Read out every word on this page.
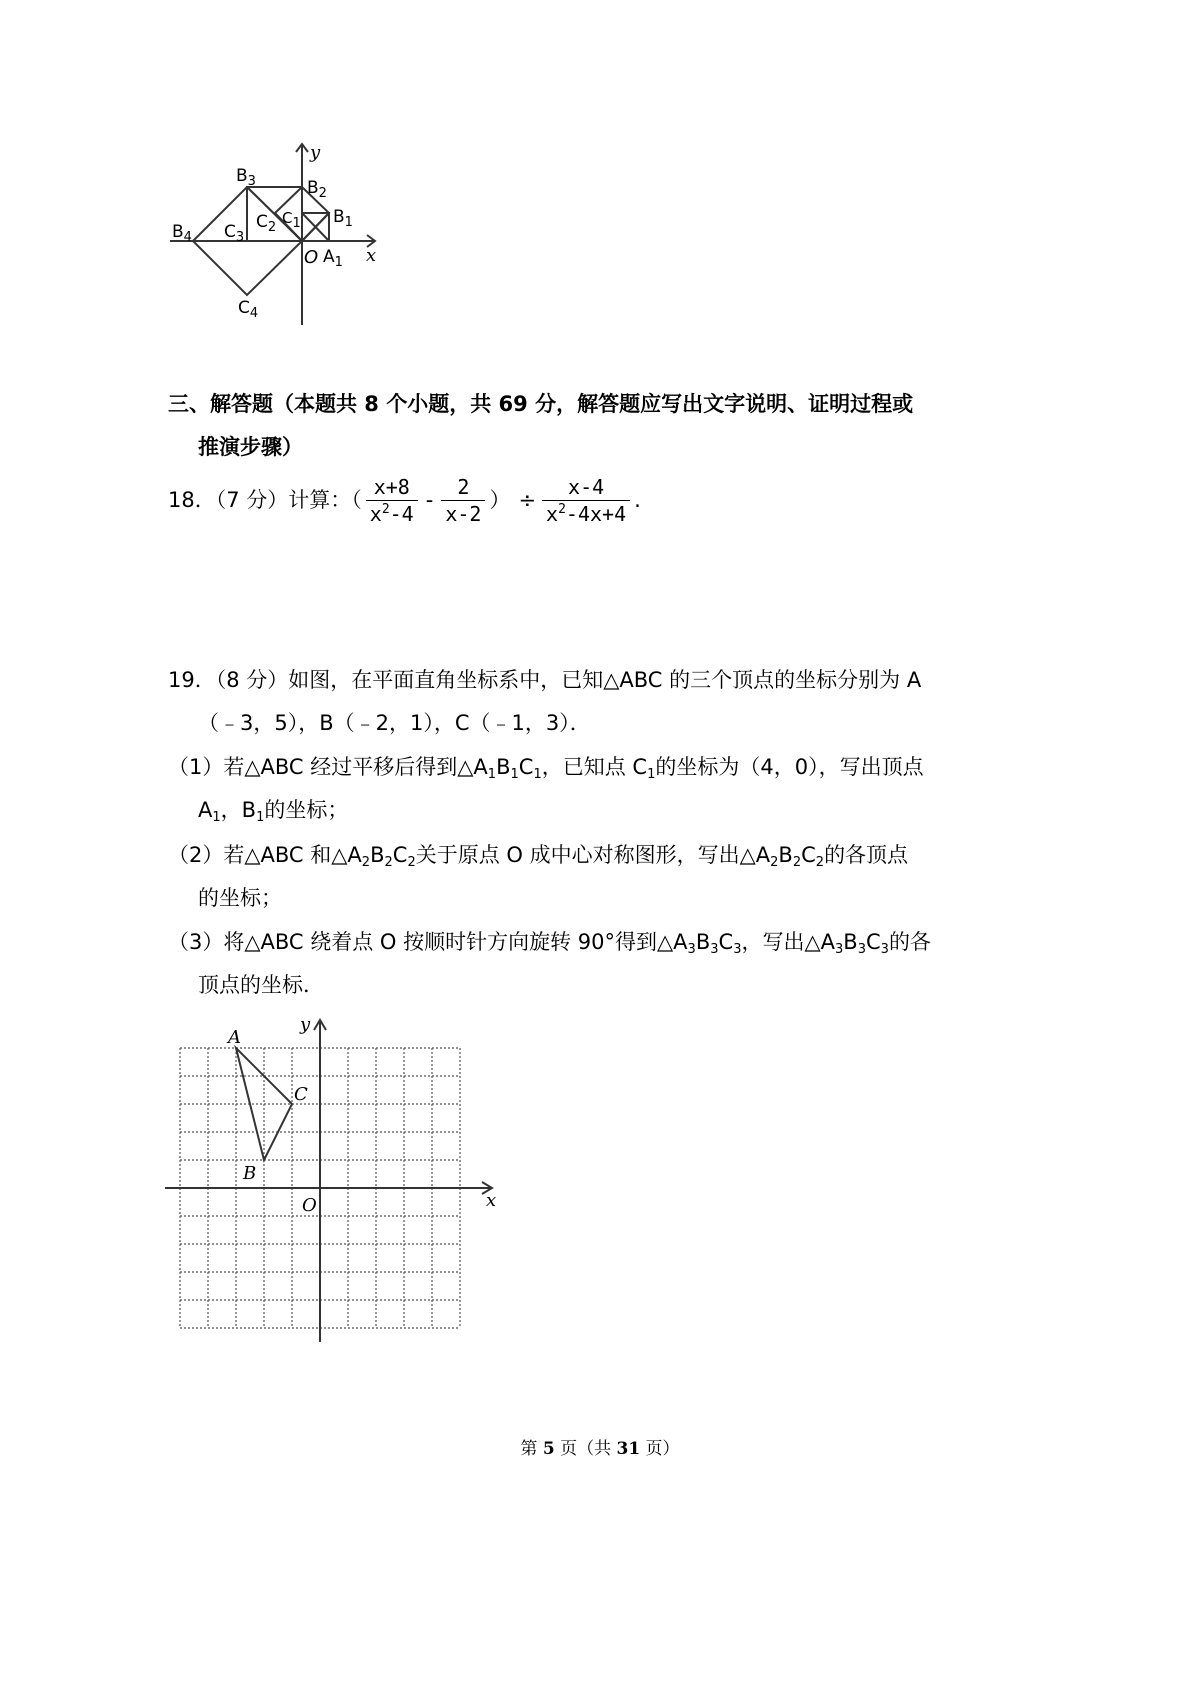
y
x
O
$B_3$	$B_2$
$B_1$
$B_4$
$C_1$
$C_2$
$C_3$
$C_4$
$A_1$
三、解答题（本题共 8 个小题，共 69 分，解答题应写出文字说明、证明过程或
推演步骤）
18．（7 分）计算：（ $\frac{x+8}{x^2-4} - \frac{2}{x-2}$ ） ÷ $\frac{x-4}{x^2-4x+4}$ .
19．（8 分）如图，在平面直角坐标系中，已知△ABC 的三个顶点的坐标分别为 A
（﹣3，5），B（﹣2，1），C（﹣1，3）．
（1）若△ABC 经过平移后得到$\triangle A_1B_1C_1$，已知点 $C_1$的坐标为（4，0），写出顶点
$A_1$，$B_1$的坐标；
（2）若△ABC 和$\triangle A_2B_2C_2$关于原点 O 成中心对称图形，写出$\triangle A_2B_2C_2$的各顶点
的坐标；
（3）将△ABC 绕着点 O 按顺时针方向旋转 90°得到$\triangle A_3B_3C_3$，写出$\triangle A_3B_3C_3$的各
顶点的坐标．
y
x
O
A
B
C
第 5 页（共 31 页）
